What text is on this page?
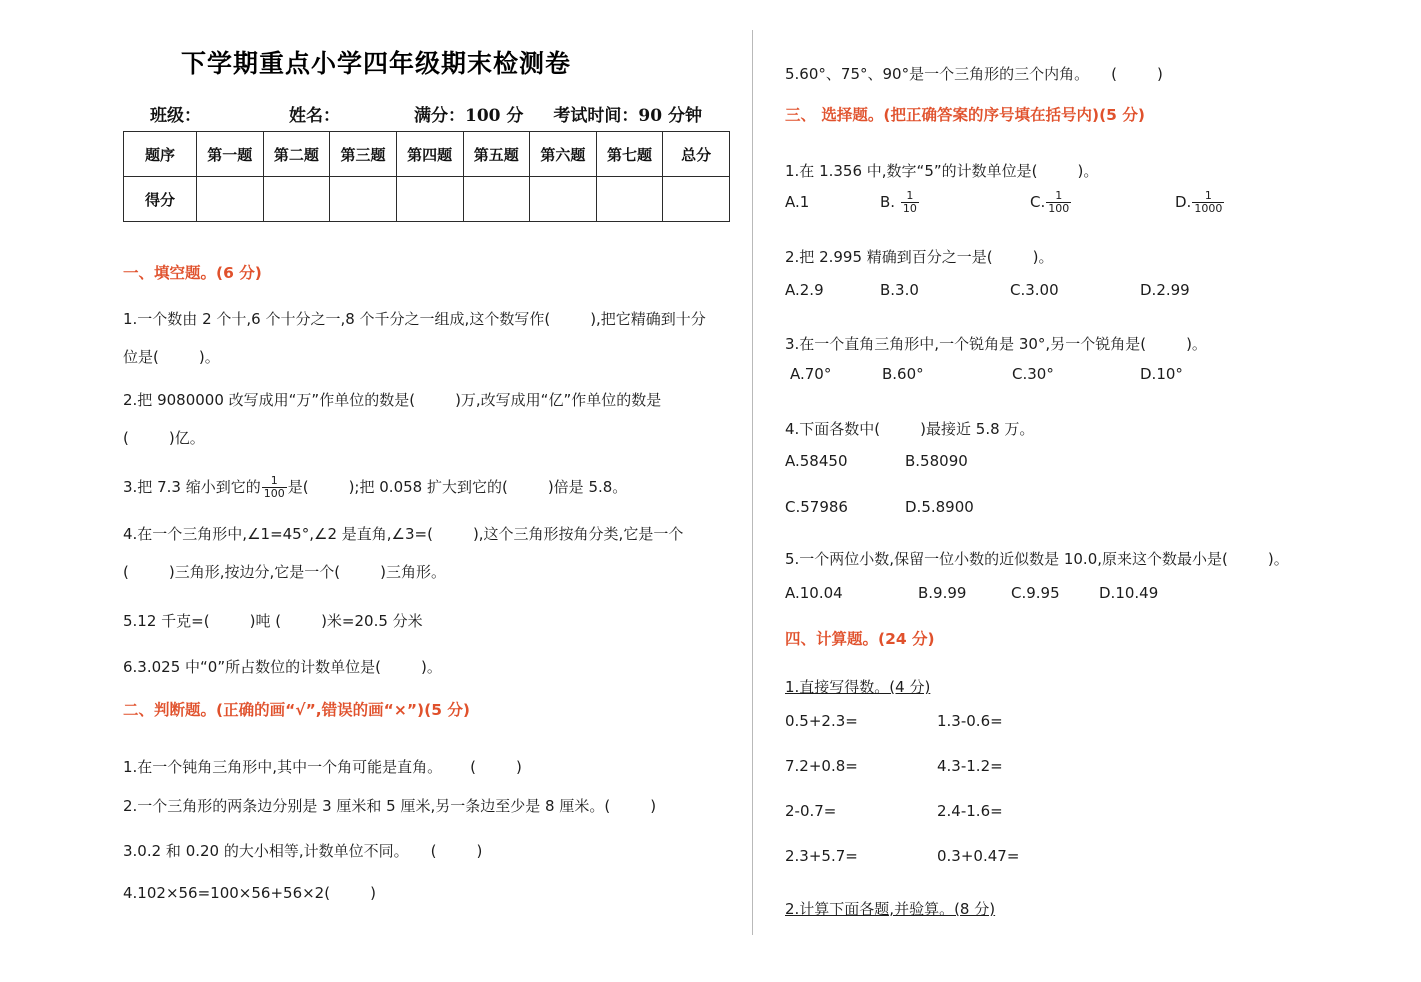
下学期重点小学四年级期末检测卷
班级：	姓名：	满分：100 分 考试时间：90 分钟
题序	第一题	第二题	第三题	第四题	第五题	第六题	第七题	总分
得分								
一、填空题。(6 分)
1.一个数由 2 个十,6 个十分之一,8 个千分之一组成,这个数写作(	),把它精确到十分
位是(	)。
2.把 9080000 改写成用“万”作单位的数是(	)万,改写成用“亿”作单位的数是
(	)亿。
3.把 7.3 缩小到它的 $\frac{1}{100}$ 是(	);把 0.058 扩大到它的(	)倍是 5.8。
4.在一个三角形中,∠1=45°,∠2 是直角,∠3=(	),这个三角形按角分类,它是一个
(	)三角形,按边分,它是一个(	)三角形。
5.12 千克=(	)吨 (	)米=20.5 分米
6.3.025 中“0”所占数位的计数单位是(	)。
二、判断题。(正确的画“√”,错误的画“×”)(5 分)
1.在一个钝角三角形中,其中一个角可能是直角。 (	)
2.一个三角形的两条边分别是 3 厘米和 5 厘米,另一条边至少是 8 厘米。(	)
3.0.2 和 0.20 的大小相等,计数单位不同。 (	)
4.102×56=100×56+56×2(	)
5.60°、75°、90°是一个三角形的三个内角。 (	)
三、 选择题。(把正确答案的序号填在括号内)(5 分)
1.在 1.356 中,数字“5”的计数单位是(	)。
A.1	B. $\frac{1}{10}$	C. $\frac{1}{100}$	D. $\frac{1}{1000}$
2.把 2.995 精确到百分之一是(	)。
A.2.9	B.3.0	C.3.00	D.2.99
3.在一个直角三角形中,一个锐角是 30°,另一个锐角是(	)。
A.70°	B.60°	C.30°	D.10°
4.下面各数中(	)最接近 5.8 万。
A.58450	B.58090
C.57986	D.5.8900
5.一个两位小数,保留一位小数的近似数是 10.0,原来这个数最小是(	)。
A.10.04	B.9.99	C.9.95	D.10.49
四、计算题。(24 分)
1.直接写得数。(4 分)
0.5+2.3=	1.3-0.6=
7.2+0.8=	4.3-1.2=
2-0.7=	2.4-1.6=
2.3+5.7=	0.3+0.47=
2.计算下面各题,并验算。(8 分)
